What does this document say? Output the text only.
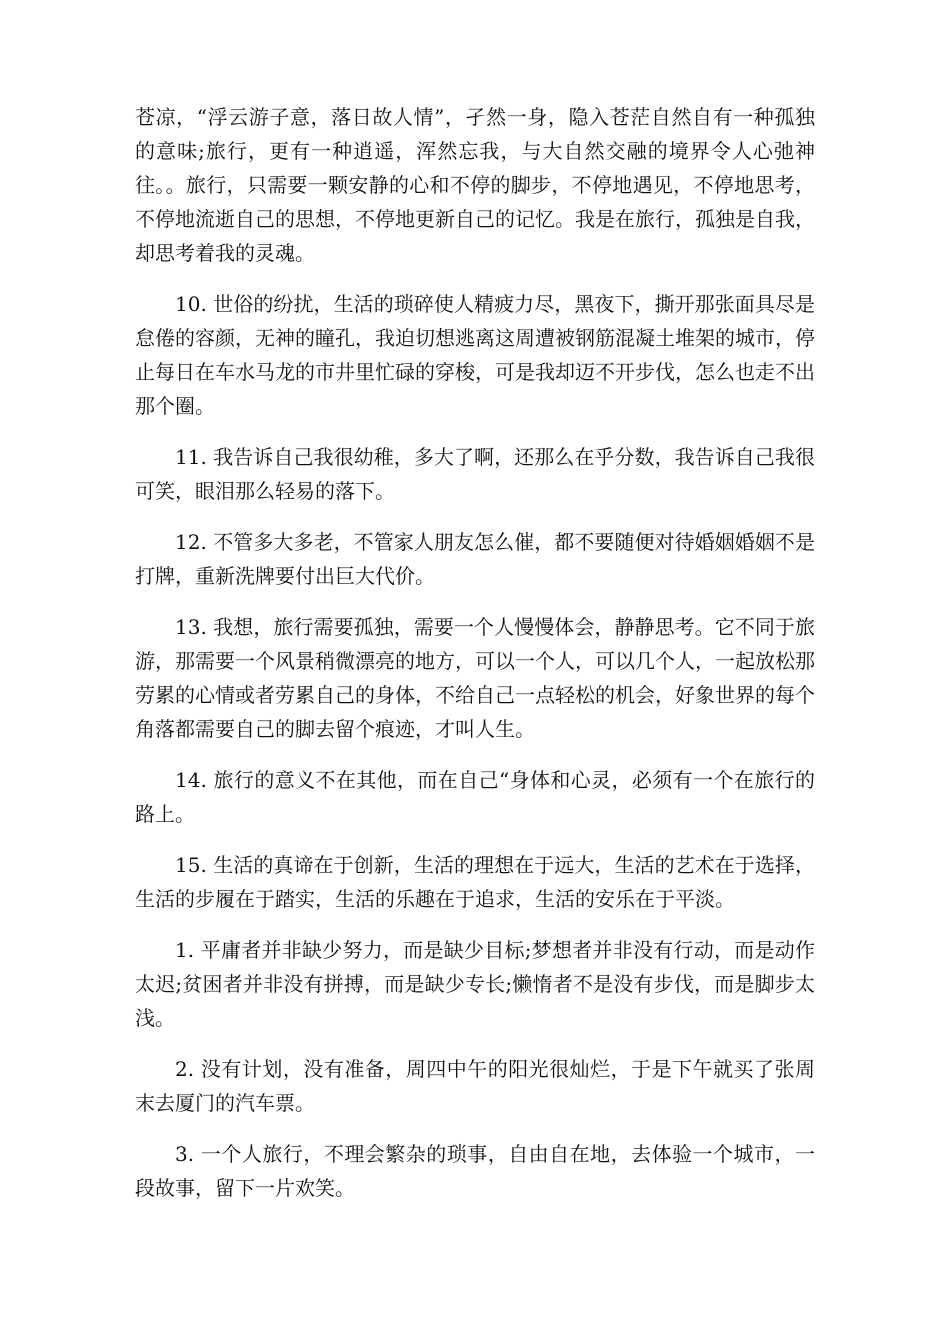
苍凉，“浮云游子意，落日故人情”，孑然一身，隐入苍茫自然自有一种孤独的意味;旅行，更有一种逍遥，浑然忘我，与大自然交融的境界令人心弛神往。。旅行，只需要一颗安静的心和不停的脚步，不停地遇见，不停地思考，不停地流逝自己的思想，不停地更新自己的记忆。我是在旅行，孤独是自我，却思考着我的灵魂。

10. 世俗的纷扰，生活的琐碎使人精疲力尽，黑夜下，撕开那张面具尽是怠倦的容颜，无神的瞳孔，我迫切想逃离这周遭被钢筋混凝土堆架的城市，停止每日在车水马龙的市井里忙碌的穿梭，可是我却迈不开步伐，怎么也走不出那个圈。

11. 我告诉自己我很幼稚，多大了啊，还那么在乎分数，我告诉自己我很可笑，眼泪那么轻易的落下。

12. 不管多大多老，不管家人朋友怎么催，都不要随便对待婚姻婚姻不是打牌，重新洗牌要付出巨大代价。

13. 我想，旅行需要孤独，需要一个人慢慢体会，静静思考。它不同于旅游，那需要一个风景稍微漂亮的地方，可以一个人，可以几个人，一起放松那劳累的心情或者劳累自己的身体，不给自己一点轻松的机会，好象世界的每个角落都需要自己的脚去留个痕迹，才叫人生。

14. 旅行的意义不在其他，而在自己“身体和心灵，必须有一个在旅行的路上。

15. 生活的真谛在于创新，生活的理想在于远大，生活的艺术在于选择，生活的步履在于踏实，生活的乐趣在于追求，生活的安乐在于平淡。

1. 平庸者并非缺少努力，而是缺少目标;梦想者并非没有行动，而是动作太迟;贫困者并非没有拼搏，而是缺少专长;懒惰者不是没有步伐，而是脚步太浅。

2. 没有计划，没有准备，周四中午的阳光很灿烂，于是下午就买了张周末去厦门的汽车票。

3. 一个人旅行，不理会繁杂的琐事，自由自在地，去体验一个城市，一段故事，留下一片欢笑。
